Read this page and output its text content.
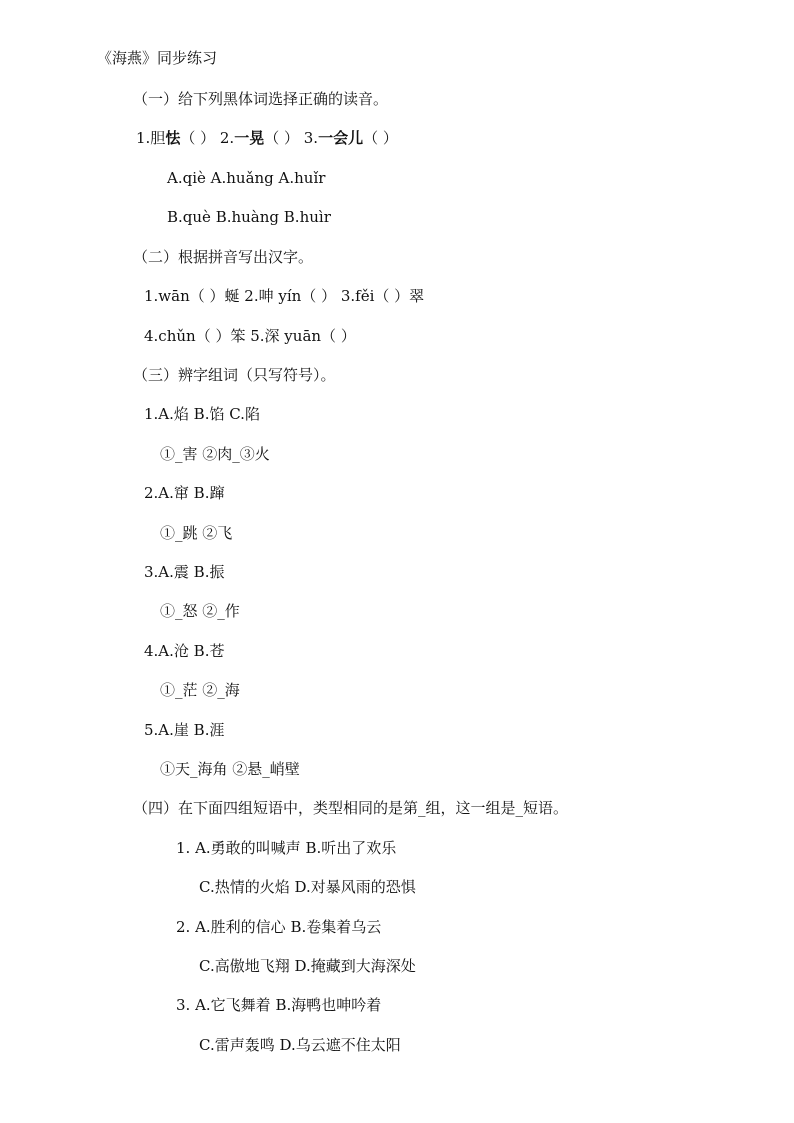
《海燕》同步练习
（一）给下列黑体词选择正确的读音。
1.胆怯（ ） 2.一晃（ ） 3.一会儿（ ）
A.qiè A.huǎng A.huǐr
B.què B.huàng B.huìr
（二）根据拼音写出汉字。
1.wān（ ）蜒 2.呻 yín（ ） 3.fěi（ ）翠
4.chǔn（ ）笨 5.深 yuān（ ）
（三）辨字组词（只写符号）。
1.A.焰 B.馅 C.陷
①_害 ②肉_③火
2.A.窜 B.蹿
①_跳 ②飞
3.A.震 B.振
①_怒 ②_作
4.A.沧 B.苍
①_茫 ②_海
5.A.崖 B.涯
①天_海角 ②悬_峭壁
（四）在下面四组短语中，类型相同的是第_组，这一组是_短语。
1. A.勇敢的叫喊声 B.听出了欢乐
C.热情的火焰 D.对暴风雨的恐惧
2. A.胜利的信心 B.卷集着乌云
C.高傲地飞翔 D.掩藏到大海深处
3. A.它飞舞着 B.海鸭也呻吟着
C.雷声轰鸣 D.乌云遮不住太阳
